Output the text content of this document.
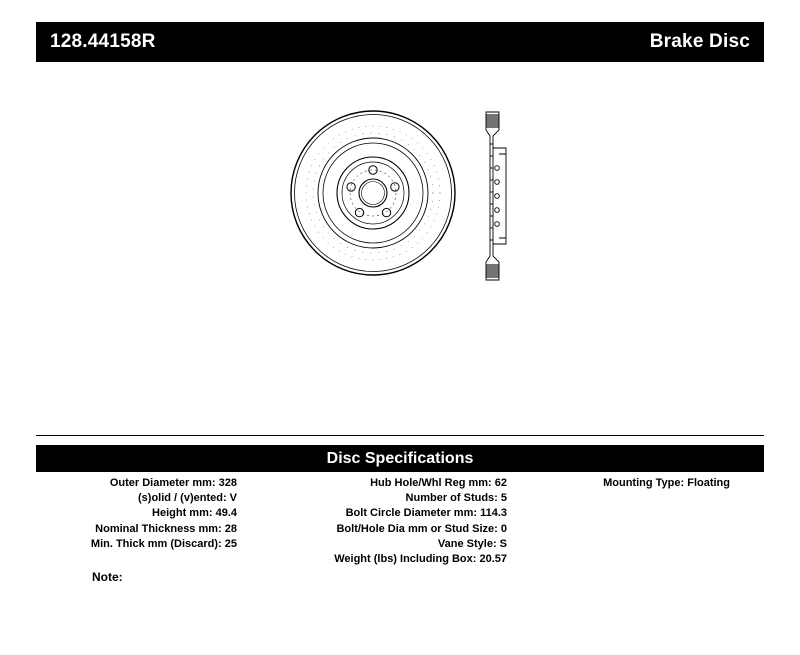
128.44158R	Brake Disc
Disc Specifications
Outer Diameter mm: 328
(s)olid / (v)ented: V
Height mm: 49.4
Nominal Thickness mm: 28
Min. Thick mm (Discard): 25
Hub Hole/Whl Reg mm: 62
Number of Studs: 5
Bolt Circle Diameter mm: 114.3
Bolt/Hole Dia mm or Stud Size: 0
Vane Style: S
Weight (lbs) Including Box: 20.57
Mounting Type: Floating
Note:
